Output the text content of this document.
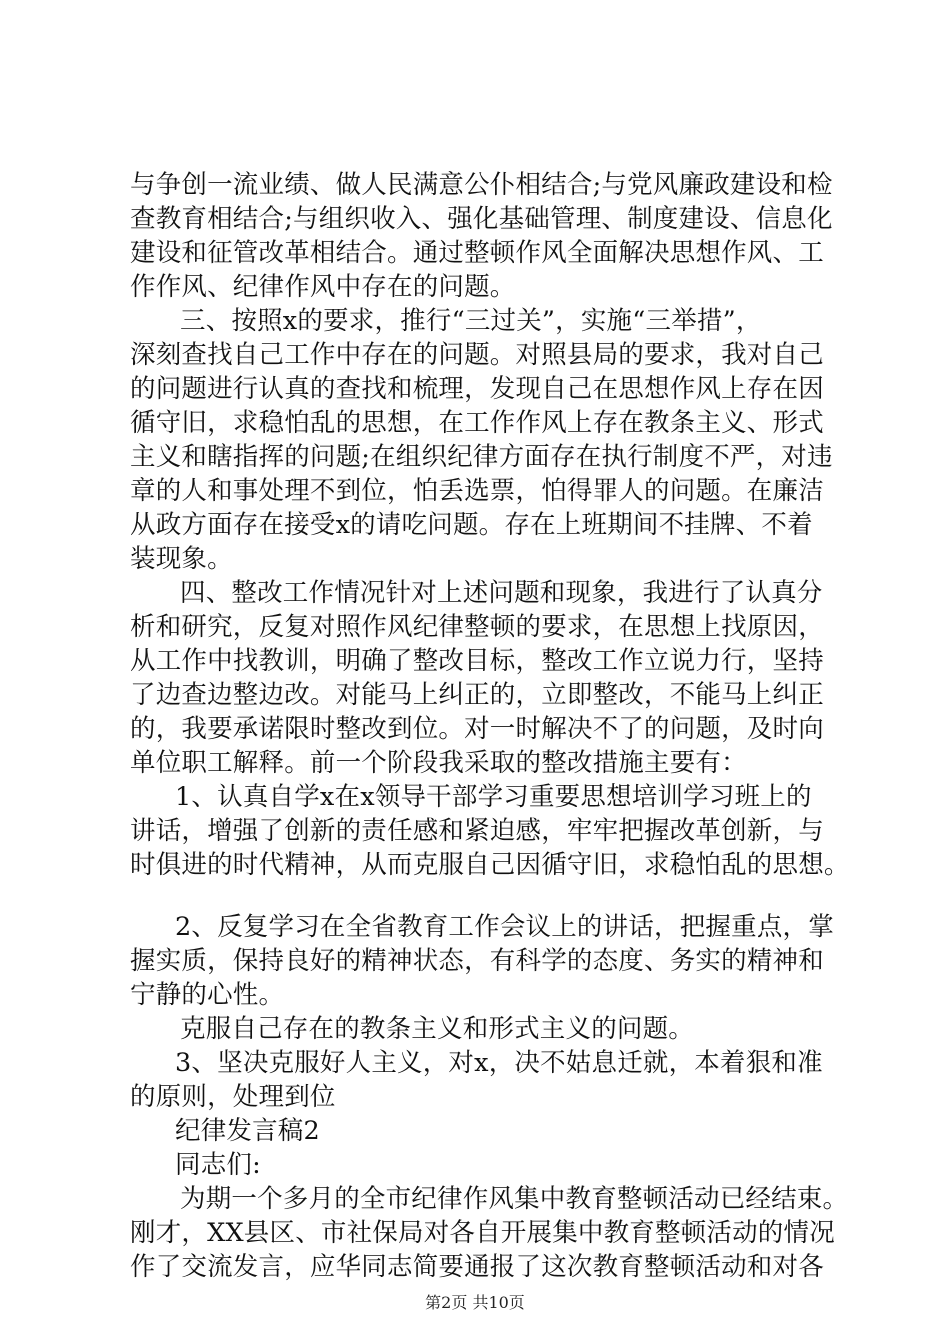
与争创一流业绩、做人民满意公仆相结合;与党风廉政建设和检
查教育相结合;与组织收入、强化基础管理、制度建设、信息化
建设和征管改革相结合。通过整顿作风全面解决思想作风、工
作作风、纪律作风中存在的问题。
三、按照x的要求，推行“三过关”，实施“三举措”，
深刻查找自己工作中存在的问题。对照县局的要求，我对自己
的问题进行认真的查找和梳理，发现自己在思想作风上存在因
循守旧，求稳怕乱的思想，在工作作风上存在教条主义、形式
主义和瞎指挥的问题;在组织纪律方面存在执行制度不严，对违
章的人和事处理不到位，怕丢选票，怕得罪人的问题。在廉洁
从政方面存在接受x的请吃问题。存在上班期间不挂牌、不着
装现象。
四、整改工作情况针对上述问题和现象，我进行了认真分
析和研究，反复对照作风纪律整顿的要求，在思想上找原因，
从工作中找教训，明确了整改目标，整改工作立说力行，坚持
了边查边整边改。对能马上纠正的，立即整改，不能马上纠正
的，我要承诺限时整改到位。对一时解决不了的问题，及时向
单位职工解释。前一个阶段我采取的整改措施主要有：
1、认真自学x在x领导干部学习重要思想培训学习班上的
讲话，增强了创新的责任感和紧迫感，牢牢把握改革创新，与
时俱进的时代精神，从而克服自己因循守旧，求稳怕乱的思想。
2、反复学习在全省教育工作会议上的讲话，把握重点，掌
握实质，保持良好的精神状态，有科学的态度、务实的精神和
宁静的心性。
克服自己存在的教条主义和形式主义的问题。
3、坚决克服好人主义，对x，决不姑息迁就，本着狠和准
的原则，处理到位
纪律发言稿2
同志们:
为期一个多月的全市纪律作风集中教育整顿活动已经结束。
刚才，XX县区、市社保局对各自开展集中教育整顿活动的情况
作了交流发言，应华同志简要通报了这次教育整顿活动和对各
第2页 共10页
